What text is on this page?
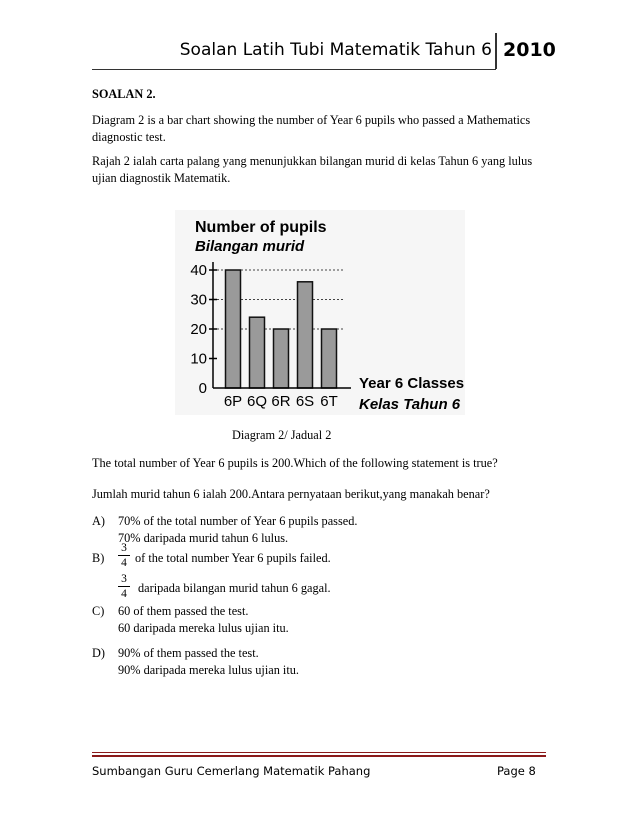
Soalan Latih Tubi Matematik Tahun 6 2010
SOALAN 2.
Diagram 2 is a bar chart showing the number of Year 6 pupils who passed a Mathematics diagnostic test.
Rajah 2 ialah carta palang yang menunjukkan bilangan murid di kelas Tahun 6 yang lulus ujian diagnostik Matematik.
Number of pupils
Bilangan murid
0
10
20
30
40
6P 6Q 6R 6S 6T
Year 6 Classes
Kelas Tahun 6
Diagram 2/ Jadual 2
The total number of Year 6 pupils is 200.Which of the following statement is true?
Jumlah murid tahun 6 ialah 200.Antara pernyataan berikut,yang manakah benar?
A) 70% of the total number of Year 6 pupils passed.
70% daripada murid tahun 6 lulus.
B)
3
4 of the total number Year 6 pupils failed.
3
4 daripada bilangan murid tahun 6 gagal.
C) 60 of them passed the test.
60 daripada mereka lulus ujian itu.
D) 90% of them passed the test.
90% daripada mereka lulus ujian itu.
Sumbangan Guru Cemerlang Matematik Pahang	Page 8
